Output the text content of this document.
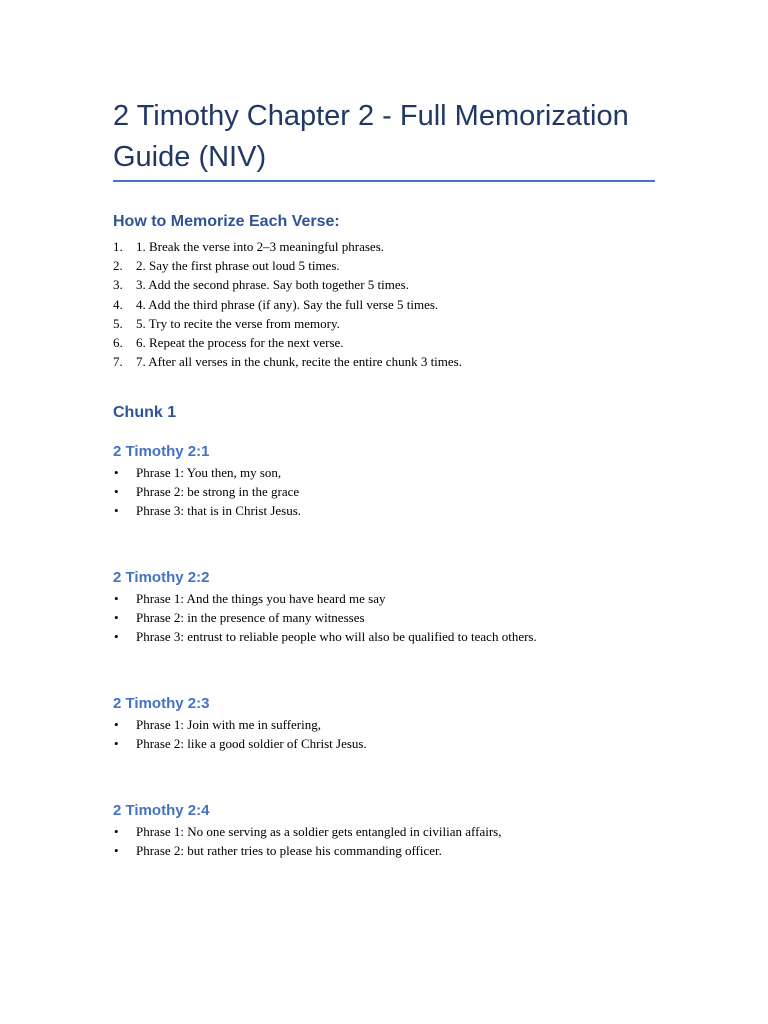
2 Timothy Chapter 2 - Full Memorization Guide (NIV)
How to Memorize Each Verse:
1.	1. Break the verse into 2–3 meaningful phrases.
2.	2. Say the first phrase out loud 5 times.
3.	3. Add the second phrase. Say both together 5 times.
4.	4. Add the third phrase (if any). Say the full verse 5 times.
5.	5. Try to recite the verse from memory.
6.	6. Repeat the process for the next verse.
7.	7. After all verses in the chunk, recite the entire chunk 3 times.
Chunk 1
2 Timothy 2:1
• Phrase 1: You then, my son,
• Phrase 2: be strong in the grace
• Phrase 3: that is in Christ Jesus.
2 Timothy 2:2
• Phrase 1: And the things you have heard me say
• Phrase 2: in the presence of many witnesses
• Phrase 3: entrust to reliable people who will also be qualified to teach others.
2 Timothy 2:3
• Phrase 1: Join with me in suffering,
• Phrase 2: like a good soldier of Christ Jesus.
2 Timothy 2:4
• Phrase 1: No one serving as a soldier gets entangled in civilian affairs,
• Phrase 2: but rather tries to please his commanding officer.
